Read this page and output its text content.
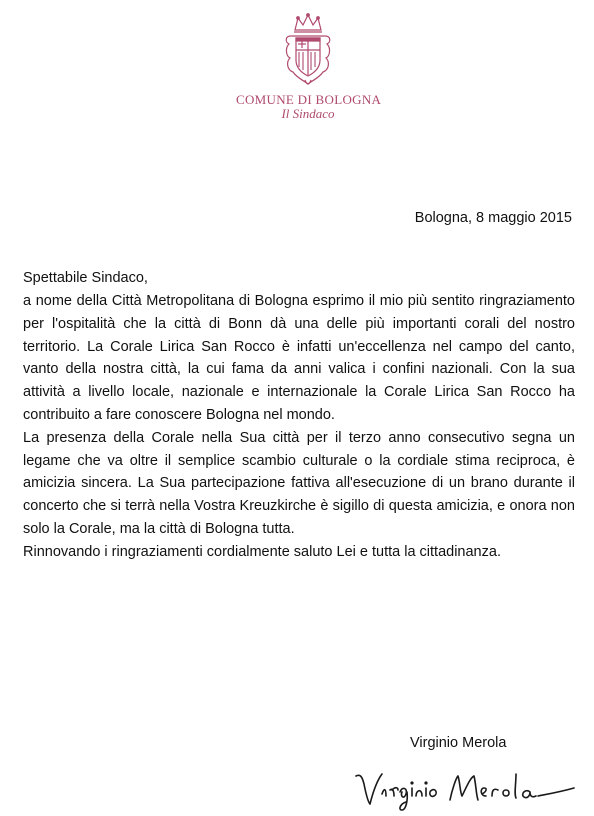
COMUNE DI BOLOGNA
Il Sindaco
Bologna, 8 maggio 2015
Spettabile Sindaco,

a nome della Città Metropolitana di Bologna esprimo il mio più sentito ringraziamento per l'ospitalità che la città di Bonn dà una delle più importanti corali del nostro territorio. La Corale Lirica San Rocco è infatti un'eccellenza nel campo del canto, vanto della nostra città, la cui fama da anni valica i confini nazionali. Con la sua attività a livello locale, nazionale e internazionale la Corale Lirica San Rocco ha contribuito a fare conoscere Bologna nel mondo.

La presenza della Corale nella Sua città per il terzo anno consecutivo segna un legame che va oltre il semplice scambio culturale o la cordiale stima reciproca, è amicizia sincera. La Sua partecipazione fattiva all'esecuzione di un brano durante il concerto che si terrà nella Vostra Kreuzkirche è sigillo di questa amicizia, e onora non solo la Corale, ma la città di Bologna tutta.

Rinnovando i ringraziamenti cordialmente saluto Lei e tutta la cittadinanza.

Virginio Merola
